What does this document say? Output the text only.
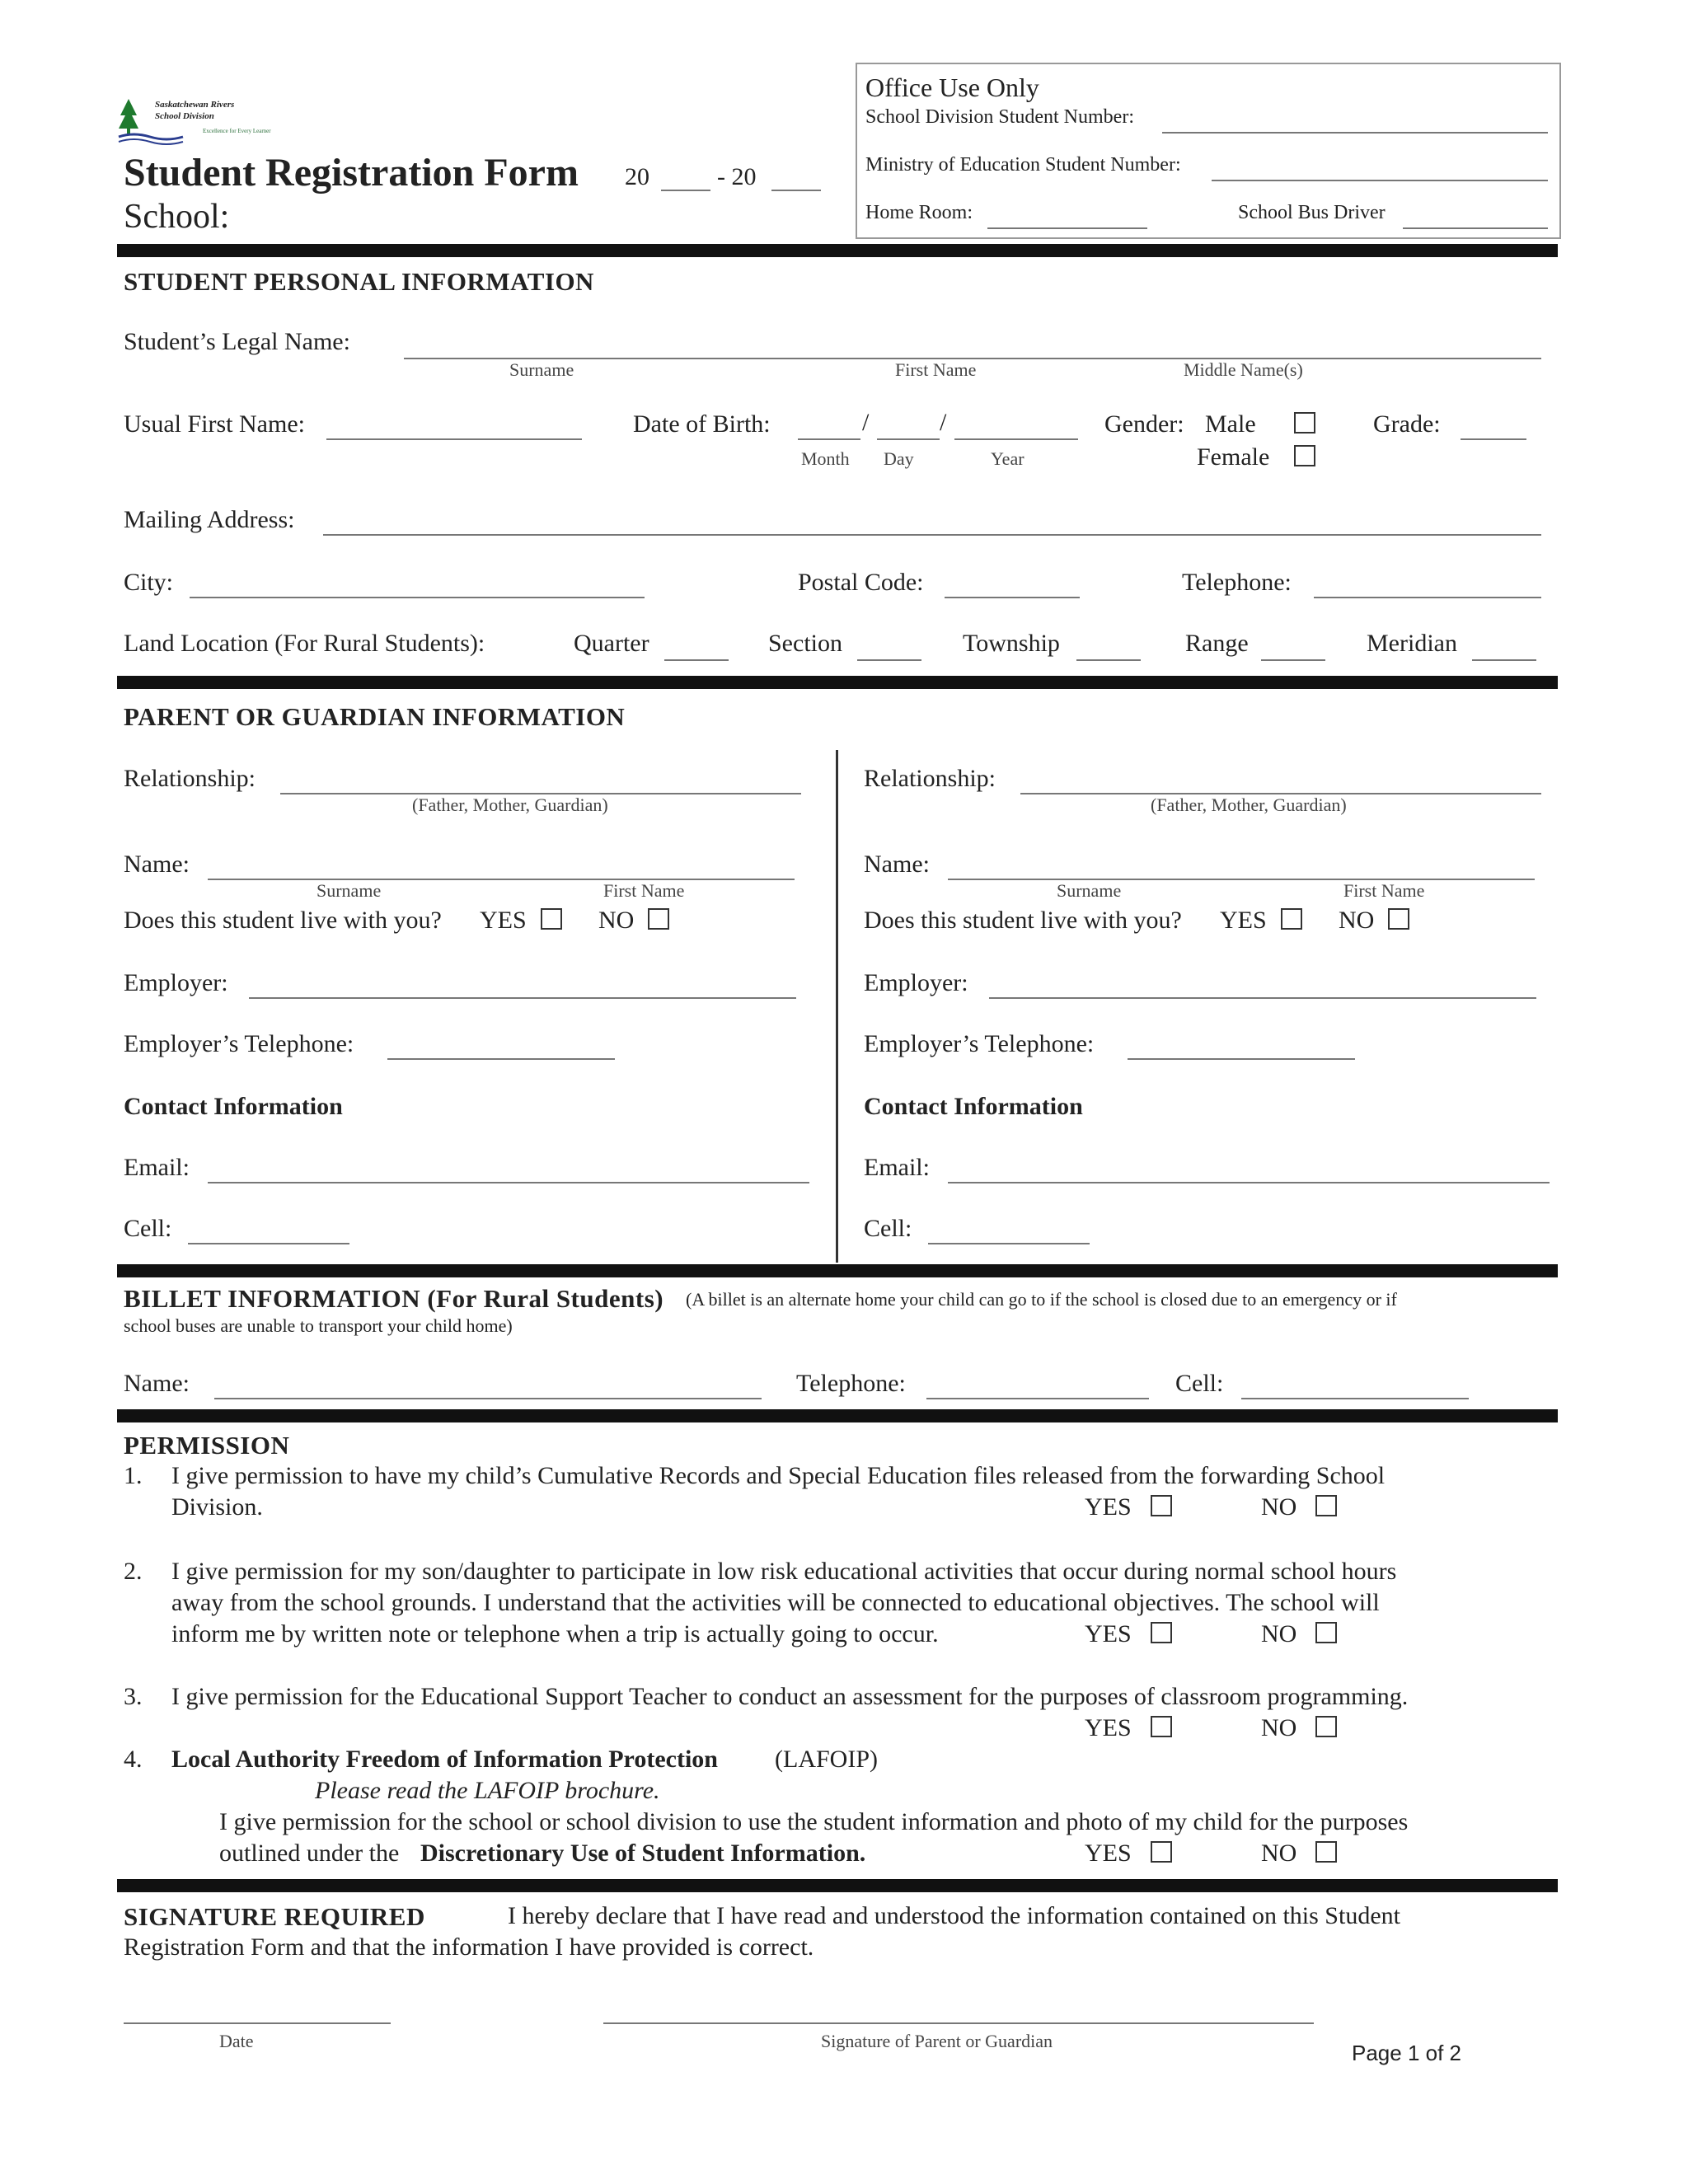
Saskatchewan Rivers
School Division
Excellence for Every Learner
Student Registration Form 20	- 20
School:
Office Use Only
School Division Student Number:
Ministry of Education Student Number:
Home Room:	School Bus Driver
STUDENT PERSONAL INFORMATION
Student’s Legal Name:
Surname	First Name	Middle Name(s)
Usual First Name:	Date of Birth:	/	/
Month Day	Year
Gender: Male
Female
Grade:
Mailing Address:
City:	Postal Code:	Telephone:
Land Location (For Rural Students):	Quarter	Section	Township	Range	Meridian
PARENT OR GUARDIAN INFORMATION
Relationship:
(Father, Mother, Guardian)
Name:
Surname	First Name
Does this student live with you? YES	NO
Employer:
Employer’s Telephone:
Contact Information
Email:
Cell:
Relationship:
(Father, Mother, Guardian)
Name:
Surname	First Name
Does this student live with you? YES	NO
Employer:
Employer’s Telephone:
Contact Information
Email:
Cell:
BILLET INFORMATION (For Rural Students) (A billet is an alternate home your child can go to if the school is closed due to an emergency or if
school buses are unable to transport your child home)
Name:	Telephone:	Cell:
PERMISSION
1. I give permission to have my child’s Cumulative Records and Special Education files released from the forwarding School
Division.	YES	NO
2. I give permission for my son/daughter to participate in low risk educational activities that occur during normal school hours
away from the school grounds. I understand that the activities will be connected to educational objectives. The school will
inform me by written note or telephone when a trip is actually going to occur.	YES	NO
3. I give permission for the Educational Support Teacher to conduct an assessment for the purposes of classroom programming.
YES	NO
4. Local Authority Freedom of Information Protection (LAFOIP)
Please read the LAFOIP brochure.
I give permission for the school or school division to use the student information and photo of my child for the purposes
outlined under the Discretionary Use of Student Information.	YES	NO
SIGNATURE REQUIRED	I hereby declare that I have read and understood the information contained on this Student
Registration Form and that the information I have provided is correct.
Date	Signature of Parent or Guardian	Page 1 of 2
